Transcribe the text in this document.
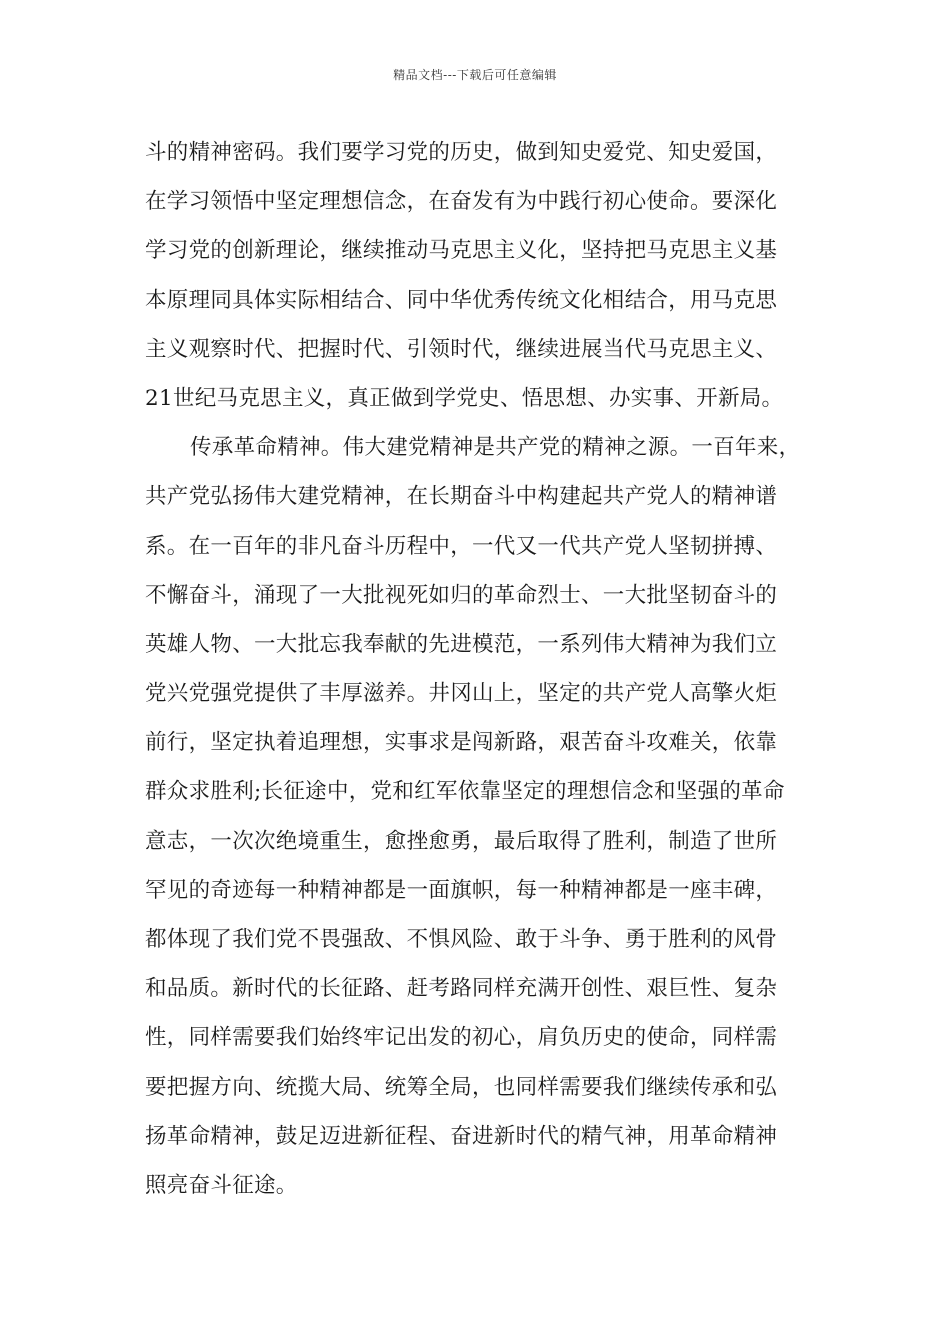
精品文档---下载后可任意编辑
斗的精神密码。我们要学习党的历史，做到知史爱党、知史爱国，
在学习领悟中坚定理想信念，在奋发有为中践行初心使命。要深化
学习党的创新理论，继续推动马克思主义化，坚持把马克思主义基
本原理同具体实际相结合、同中华优秀传统文化相结合，用马克思
主义观察时代、把握时代、引领时代，继续进展当代马克思主义、
21世纪马克思主义，真正做到学党史、悟思想、办实事、开新局。
传承革命精神。伟大建党精神是共产党的精神之源。一百年来，
共产党弘扬伟大建党精神，在长期奋斗中构建起共产党人的精神谱
系。在一百年的非凡奋斗历程中，一代又一代共产党人坚韧拼搏、
不懈奋斗，涌现了一大批视死如归的革命烈士、一大批坚韧奋斗的
英雄人物、一大批忘我奉献的先进模范，一系列伟大精神为我们立
党兴党强党提供了丰厚滋养。井冈山上，坚定的共产党人高擎火炬
前行，坚定执着追理想，实事求是闯新路，艰苦奋斗攻难关，依靠
群众求胜利;长征途中，党和红军依靠坚定的理想信念和坚强的革命
意志，一次次绝境重生，愈挫愈勇，最后取得了胜利，制造了世所
罕见的奇迹每一种精神都是一面旗帜，每一种精神都是一座丰碑，
都体现了我们党不畏强敌、不惧风险、敢于斗争、勇于胜利的风骨
和品质。新时代的长征路、赶考路同样充满开创性、艰巨性、复杂
性，同样需要我们始终牢记出发的初心，肩负历史的使命，同样需
要把握方向、统揽大局、统筹全局，也同样需要我们继续传承和弘
扬革命精神，鼓足迈进新征程、奋进新时代的精气神，用革命精神
照亮奋斗征途。
